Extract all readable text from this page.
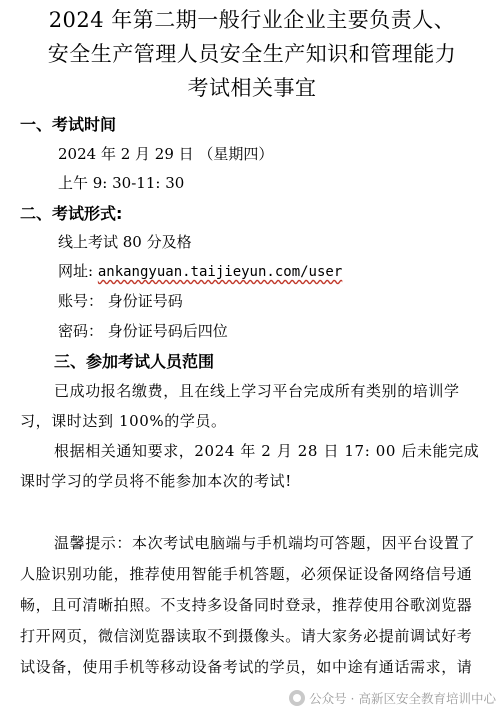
2024 年第二期一般行业企业主要负责人、
安全生产管理人员安全生产知识和管理能力
考试相关事宜
一、考试时间
2024 年 2 月 29 日 （星期四）
上午 9: 30-11: 30
二、考试形式:
线上考试 80 分及格
网址: ankangyuan.taijieyun.com/user
账号： 身份证号码
密码： 身份证号码后四位
三、参加考试人员范围
已成功报名缴费，且在线上学习平台完成所有类别的培训学
习，课时达到 100%的学员。
根据相关通知要求，2024 年 2 月 28 日 17: 00 后未能完成
课时学习的学员将不能参加本次的考试!
温馨提示：本次考试电脑端与手机端均可答题，因平台设置了
人脸识别功能，推荐使用智能手机答题，必须保证设备网络信号通
畅，且可清晰拍照。不支持多设备同时登录，推荐使用谷歌浏览器
打开网页，微信浏览器读取不到摄像头。请大家务必提前调试好考
试设备，使用手机等移动设备考试的学员，如中途有通话需求，请
公众号 · 高新区安全教育培训中心
